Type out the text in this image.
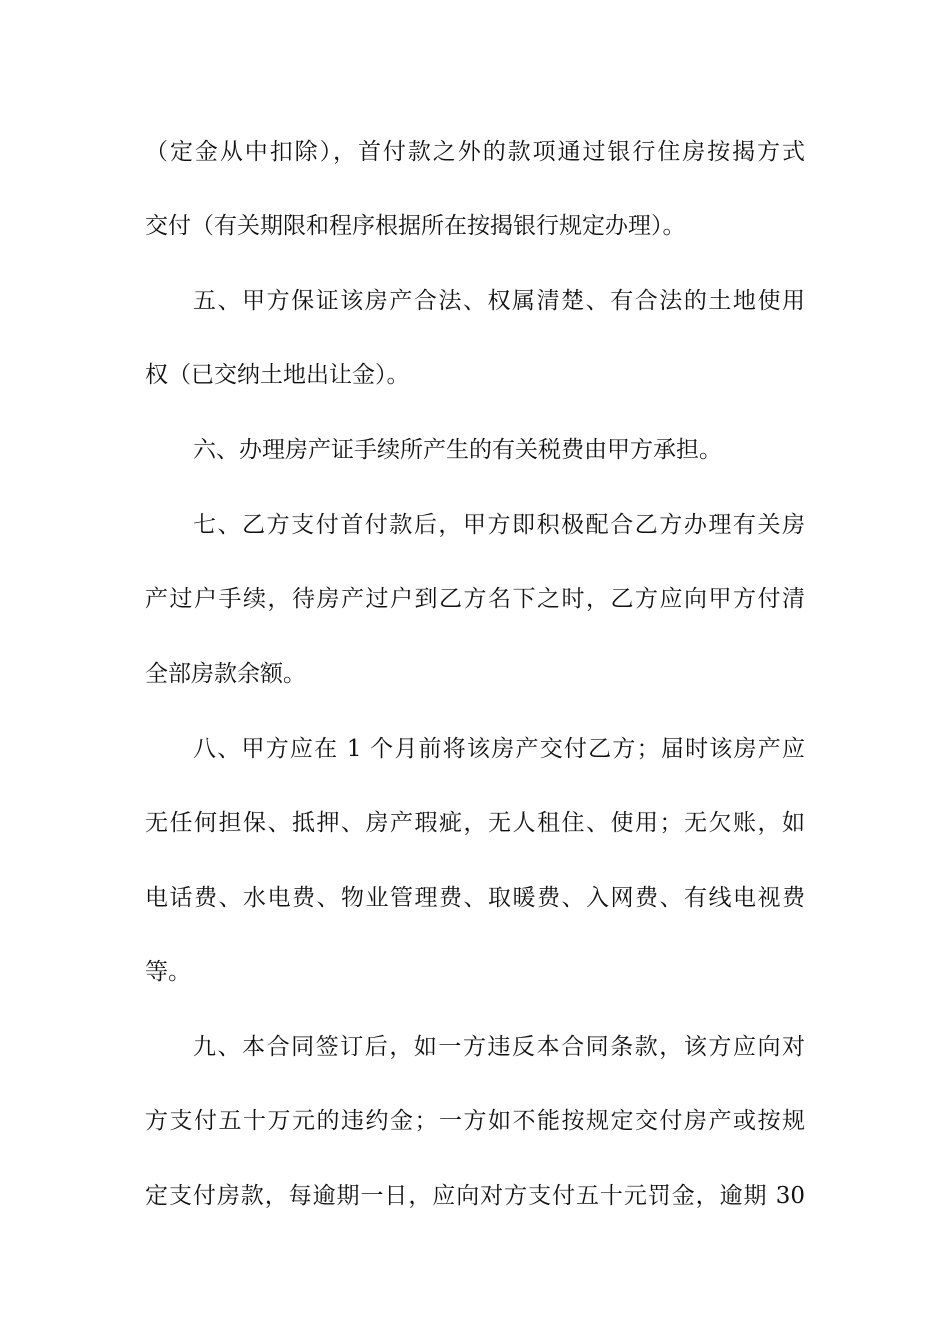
（定金从中扣除），首付款之外的款项通过银行住房按揭方式
交付（有关期限和程序根据所在按揭银行规定办理）。
五、甲方保证该房产合法、权属清楚、有合法的土地使用
权（已交纳土地出让金）。
六、办理房产证手续所产生的有关税费由甲方承担。
七、乙方支付首付款后，甲方即积极配合乙方办理有关房
产过户手续，待房产过户到乙方名下之时，乙方应向甲方付清
全部房款余额。
八、甲方应在 1 个月前将该房产交付乙方；届时该房产应
无任何担保、抵押、房产瑕疵，无人租住、使用；无欠账，如
电话费、水电费、物业管理费、取暖费、入网费、有线电视费
等。
九、本合同签订后，如一方违反本合同条款，该方应向对
方支付五十万元的违约金；一方如不能按规定交付房产或按规
定支付房款，每逾期一日，应向对方支付五十元罚金，逾期 30
